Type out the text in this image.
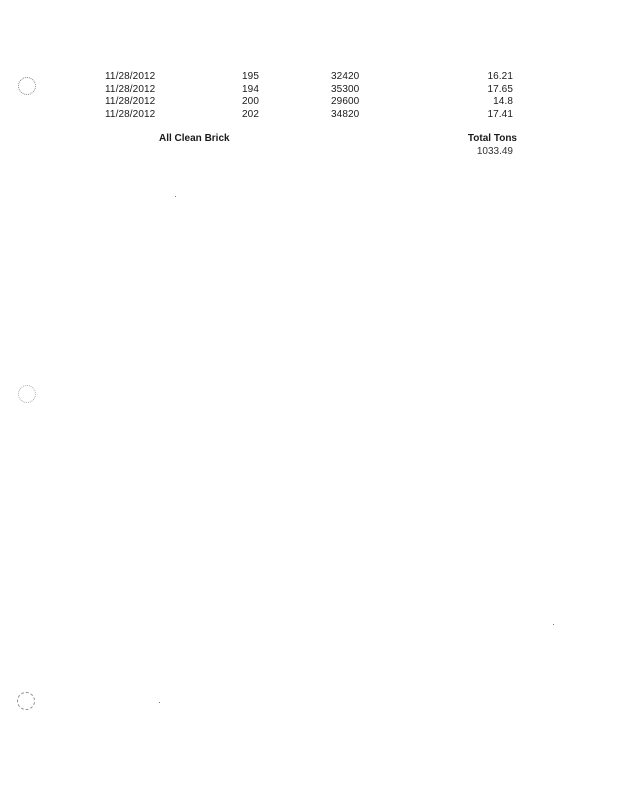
11/28/2012	195	32420	16.21
11/28/2012	194	35300	17.65
11/28/2012	200	29600	14.8
11/28/2012	202	34820	17.41
All Clean Brick	Total Tons
1033.49
